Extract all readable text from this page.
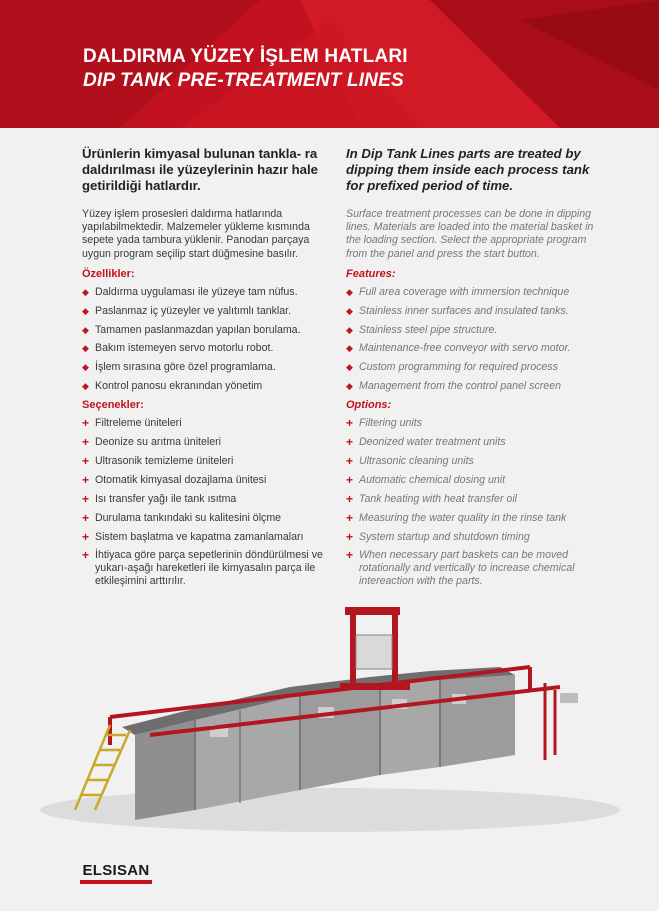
DALDIRMA YÜZEY İŞLEM HATLARI
DIP TANK PRE-TREATMENT LINES
Ürünlerin kimyasal bulunan tankla- ra daldırılması ile yüzeylerinin hazır hale getirildiği hatlardır.
Yüzey işlem prosesleri daldırma hatlarında yapılabilmektedir. Malzemeler yükleme kısmında sepete yada tambura yüklenir. Panodan parçaya uygun program seçilip start düğmesine basılır.
Özellikler:
◆ Daldırma uygulaması ile yüzeye tam nüfus.
◆ Paslanmaz iç yüzeyler ve yalıtımlı tanklar.
◆ Tamamen paslanmazdan yapılan borulama.
◆ Bakım istemeyen servo motorlu robot.
◆ İşlem sırasına göre özel programlama.
◆ Kontrol panosu ekranından yönetim
Seçenekler:
+ Filtreleme üniteleri
+ Deonize su arıtma üniteleri
+ Ultrasonik temizleme üniteleri
+ Otomatik kimyasal dozajlama ünitesi
+ Isı transfer yağı ile tank ısıtma
+ Durulama tankındaki su kalitesini ölçme
+ Sistem başlatma ve kapatma zamanlamaları
+ İhtiyaca göre parça sepetlerinin döndürülmesi ve yukarı-aşağı hareketleri ile kimyasalın parça ile etkileşimini arttırılır.
In Dip Tank Lines parts are treated by dipping them inside each process tank for prefixed period of time.
Surface treatment processes can be done in dipping lines. Materials are loaded into the material basket in the loading section. Select the appropriate program from the panel and press the start button.
Features:
◆ Full area coverage with immersion technique
◆ Stainless inner surfaces and insulated tanks.
◆ Stainless steel pipe structure.
◆ Maintenance-free conveyor with servo motor.
◆ Custom programming for required process
◆ Management from the control panel screen
Options:
+ Filtering units
+ Deonized water treatment units
+ Ultrasonic cleaning units
+ Automatic chemical dosing unit
+ Tank heating with heat transfer oil
+ Measuring the water quality in the rinse tank
+ System startup and shutdown timing
+ When necessary part baskets can be moved rotationally and vertically to increase chemical intereaction with the parts.
ELSISAN
